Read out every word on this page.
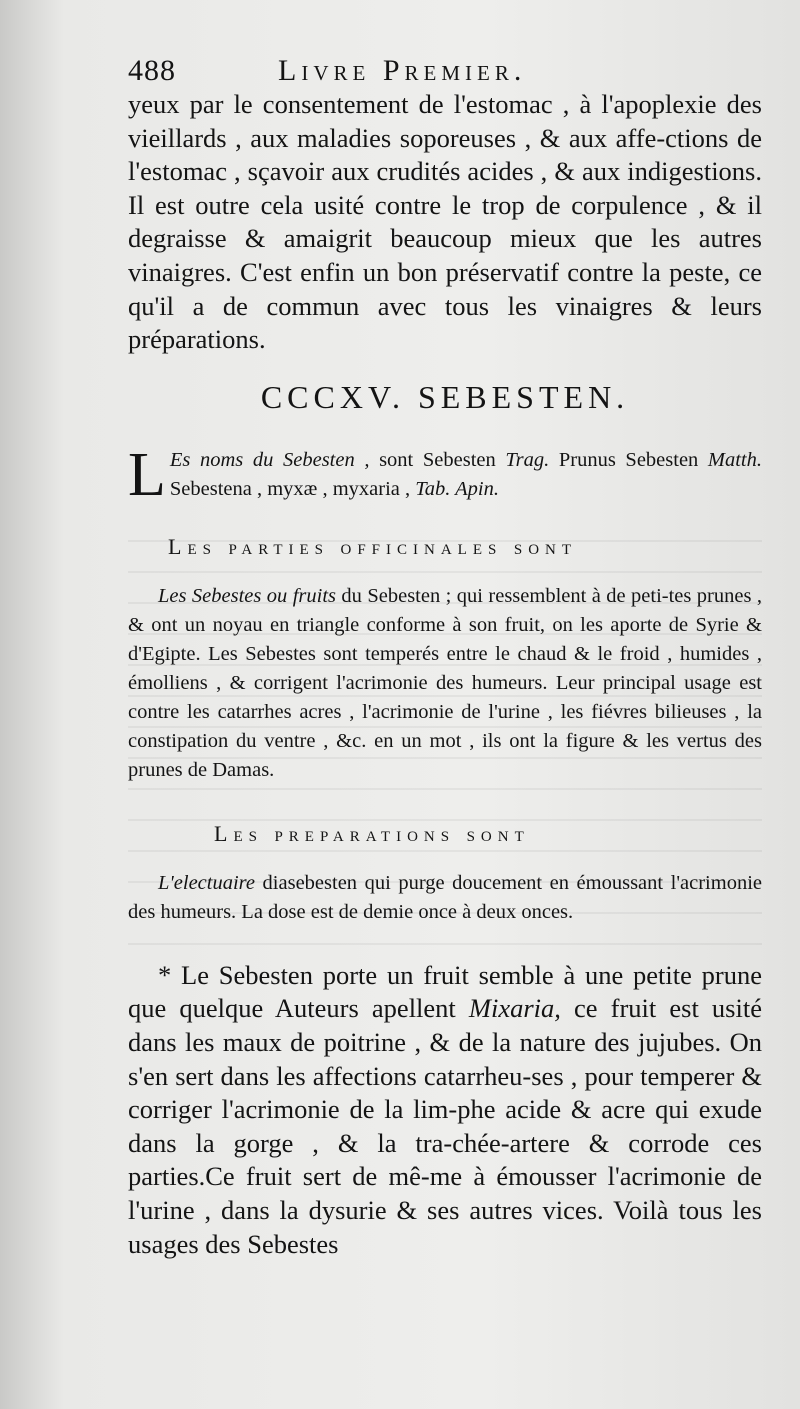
488	Livre Premier.

yeux par le consentement de l'estomac , à l'apoplexie des vieillards , aux maladies soporeuses , & aux affe-ctions de l'estomac , sçavoir aux crudités acides , & aux indigestions. Il est outre cela usité contre le trop de corpulence , & il degraisse & amaigrit beaucoup mieux que les autres vinaigres. C'est enfin un bon préservatif contre la peste, ce qu'il a de commun avec tous les vinaigres & leurs préparations.

CCCXV. SEBESTEN.

L Es noms du Sebesten , sont Sebesten Trag. Prunus Sebesten Matth. Sebestena , myxæ , myxaria , Tab. Apin.

Les parties officinales sont

Les Sebestes ou fruits du Sebesten ; qui ressemblent à de peti-tes prunes , & ont un noyau en triangle conforme à son fruit, on les aporte de Syrie & d'Egipte. Les Sebestes sont temperés entre le chaud & le froid , humides , émolliens , & corrigent l'acrimonie des humeurs. Leur principal usage est contre les catarrhes acres , l'acrimonie de l'urine , les fiévres bilieuses , la constipation du ventre , &c. en un mot , ils ont la figure & les vertus des prunes de Damas.

Les preparations sont

L'electuaire diasebesten qui purge doucement en émoussant l'acrimonie des humeurs. La dose est de demie once à deux onces.

* Le Sebesten porte un fruit semble à une petite prune que quelque Auteurs apellent Mixaria, ce fruit est usité dans les maux de poitrine , & de la nature des jujubes. On s'en sert dans les affections catarrheu-ses , pour temperer & corriger l'acrimonie de la lim-phe acide & acre qui exude dans la gorge , & la tra-chée-artere & corrode ces parties.Ce fruit sert de mê-me à émousser l'acrimonie de l'urine , dans la dysurie & ses autres vices. Voilà tous les usages des Sebestes
